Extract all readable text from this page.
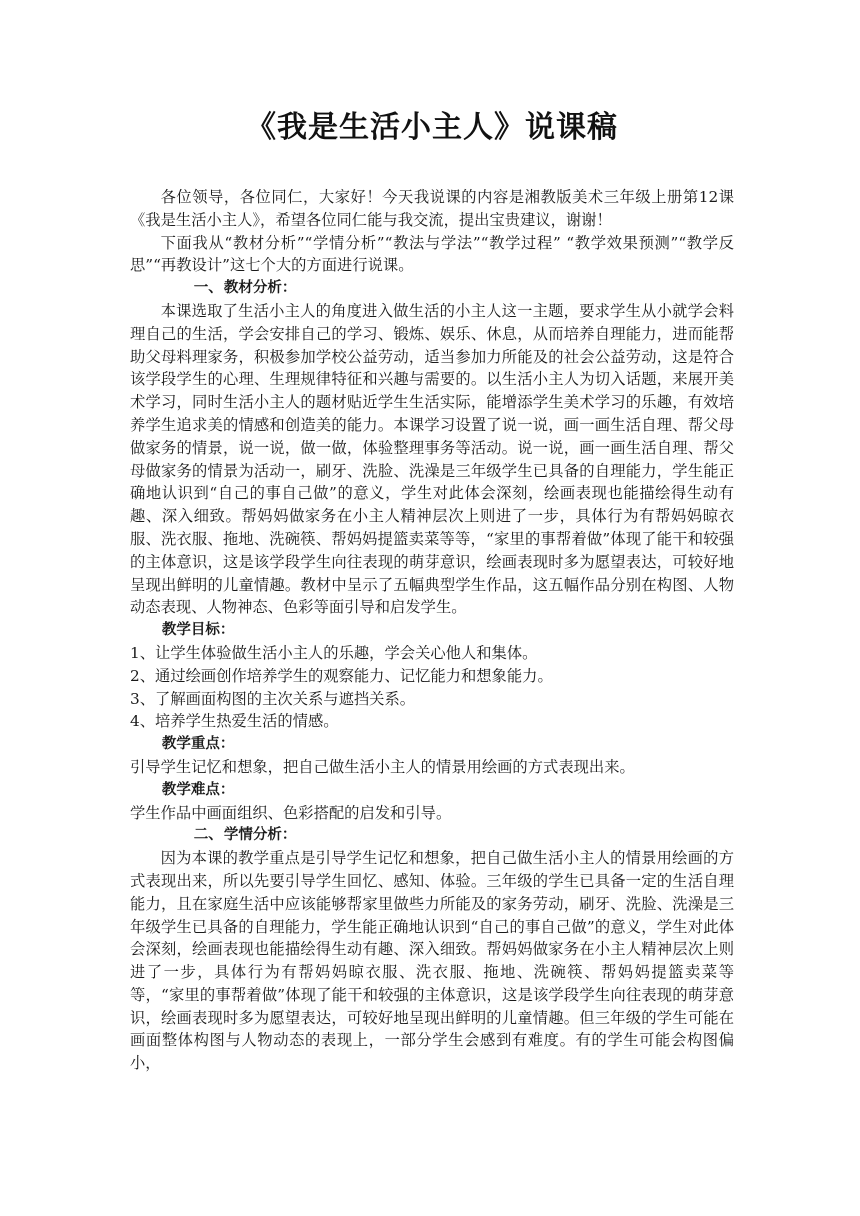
《我是生活小主人》说课稿

各位领导，各位同仁，大家好！今天我说课的内容是湘教版美术三年级上册第12课《我是生活小主人》，希望各位同仁能与我交流，提出宝贵建议，谢谢！

下面我从“教材分析”“学情分析”“教法与学法”“教学过程” “教学效果预测”“教学反思”“再教设计”这七个大的方面进行说课。

一、教材分析：

本课选取了生活小主人的角度进入做生活的小主人这一主题，要求学生从小就学会料理自己的生活，学会安排自己的学习、锻炼、娱乐、休息，从而培养自理能力，进而能帮助父母料理家务，积极参加学校公益劳动，适当参加力所能及的社会公益劳动，这是符合该学段学生的心理、生理规律特征和兴趣与需要的。以生活小主人为切入话题，来展开美术学习，同时生活小主人的题材贴近学生生活实际，能增添学生美术学习的乐趣，有效培养学生追求美的情感和创造美的能力。本课学习设置了说一说，画一画生活自理、帮父母做家务的情景，说一说，做一做，体验整理事务等活动。说一说，画一画生活自理、帮父母做家务的情景为活动一，刷牙、洗脸、洗澡是三年级学生已具备的自理能力，学生能正确地认识到“自己的事自己做”的意义，学生对此体会深刻，绘画表现也能描绘得生动有趣、深入细致。帮妈妈做家务在小主人精神层次上则进了一步，具体行为有帮妈妈晾衣服、洗衣服、拖地、洗碗筷、帮妈妈提篮卖菜等等，“家里的事帮着做”体现了能干和较强的主体意识，这是该学段学生向往表现的萌芽意识，绘画表现时多为愿望表达，可较好地呈现出鲜明的儿童情趣。教材中呈示了五幅典型学生作品，这五幅作品分别在构图、人物动态表现、人物神态、色彩等面引导和启发学生。

教学目标：

1、让学生体验做生活小主人的乐趣，学会关心他人和集体。

2、通过绘画创作培养学生的观察能力、记忆能力和想象能力。

3、了解画面构图的主次关系与遮挡关系。

4、培养学生热爱生活的情感。

教学重点：

引导学生记忆和想象，把自己做生活小主人的情景用绘画的方式表现出来。

教学难点：

学生作品中画面组织、色彩搭配的启发和引导。

二、学情分析：

因为本课的教学重点是引导学生记忆和想象，把自己做生活小主人的情景用绘画的方式表现出来，所以先要引导学生回忆、感知、体验。三年级的学生已具备一定的生活自理能力，且在家庭生活中应该能够帮家里做些力所能及的家务劳动，刷牙、洗脸、洗澡是三年级学生已具备的自理能力，学生能正确地认识到“自己的事自己做”的意义，学生对此体会深刻，绘画表现也能描绘得生动有趣、深入细致。帮妈妈做家务在小主人精神层次上则进了一步，具体行为有帮妈妈晾衣服、洗衣服、拖地、洗碗筷、帮妈妈提篮卖菜等等，“家里的事帮着做”体现了能干和较强的主体意识，这是该学段学生向往表现的萌芽意识，绘画表现时多为愿望表达，可较好地呈现出鲜明的儿童情趣。但三年级的学生可能在画面整体构图与人物动态的表现上，一部分学生会感到有难度。有的学生可能会构图偏小，
